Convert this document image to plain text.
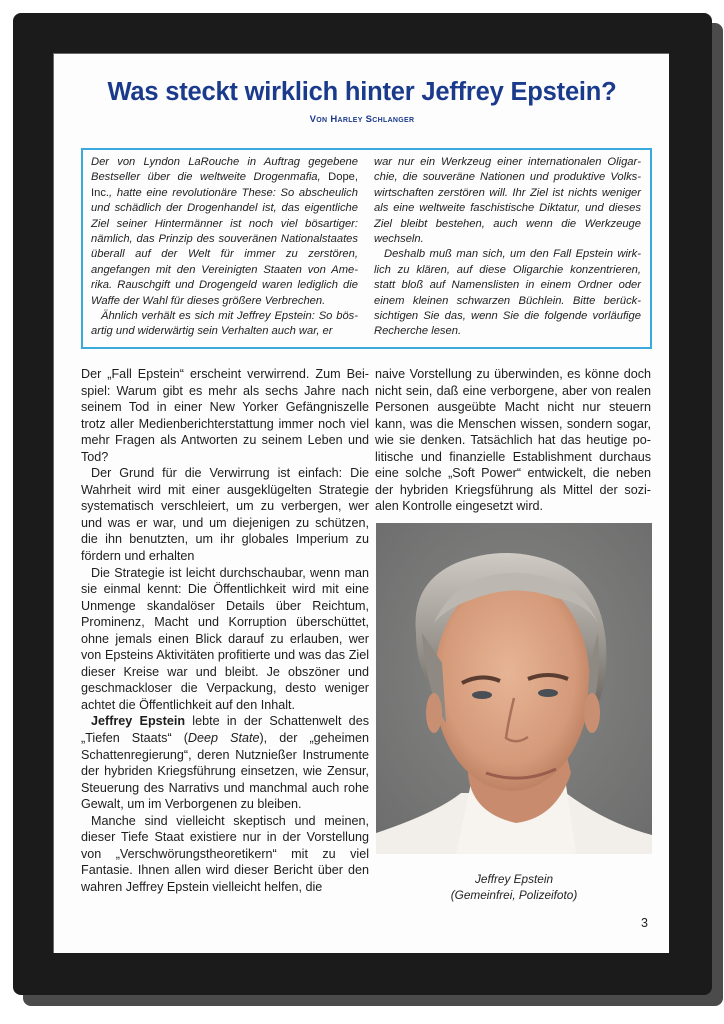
Was steckt wirklich hinter Jeffrey Epstein?
Von Harley Schlanger

Der von Lyndon LaRouche in Auftrag gegebene Bestseller über die weltweite Drogenmafia, Dope, Inc., hatte eine revolutionäre These: So abscheulich und schädlich der Drogenhandel ist, das eigentliche Ziel seiner Hintermänner ist noch viel bösartiger: nämlich, das Prinzip des souveränen Nationalstaates überall auf der Welt für immer zu zerstören, angefangen mit den Vereinigten Staaten von Amerika. Rauschgift und Drogengeld waren lediglich die Waffe der Wahl für dieses größere Verbrechen.

Ähnlich verhält es sich mit Jeffrey Epstein: So bösartig und widerwärtig sein Verhalten auch war, er

war nur ein Werkzeug einer internationalen Oligarchie, die souveräne Nationen und produktive Volkswirtschaften zerstören will. Ihr Ziel ist nichts weniger als eine weltweite faschistische Diktatur, und dieses Ziel bleibt bestehen, auch wenn die Werkzeuge wechseln.

Deshalb muß man sich, um den Fall Epstein wirklich zu klären, auf diese Oligarchie konzentrieren, statt bloß auf Namenslisten in einem Ordner oder einem kleinen schwarzen Büchlein. Bitte berücksichtigen Sie das, wenn Sie die folgende vorläufige Recherche lesen.

Der „Fall Epstein“ erscheint verwirrend. Zum Beispiel: Warum gibt es mehr als sechs Jahre nach seinem Tod in einer New Yorker Gefängniszelle trotz aller Medienberichterstattung immer noch viel mehr Fragen als Antworten zu seinem Leben und Tod?

Der Grund für die Verwirrung ist einfach: Die Wahrheit wird mit einer ausgeklügelten Strategie systematisch verschleiert, um zu verbergen, wer und was er war, und um diejenigen zu schützen, die ihn benutzten, um ihr globales Imperium zu fördern und erhalten

Die Strategie ist leicht durchschaubar, wenn man sie einmal kennt: Die Öffentlichkeit wird mit eine Unmenge skandalöser Details über Reichtum, Prominenz, Macht und Korruption überschüttet, ohne jemals einen Blick darauf zu erlauben, wer von Epsteins Aktivitäten profitierte und was das Ziel dieser Kreise war und bleibt. Je obszöner und geschmackloser die Verpackung, desto weniger achtet die Öffentlichkeit auf den Inhalt.

Jeffrey Epstein lebte in der Schattenwelt des „Tiefen Staats“ (Deep State), der „geheimen Schattenregierung“, deren Nutznießer Instrumente der hybriden Kriegsführung einsetzen, wie Zensur, Steuerung des Narrativs und manchmal auch rohe Gewalt, um im Verborgenen zu bleiben.

Manche sind vielleicht skeptisch und meinen, dieser Tiefe Staat existiere nur in der Vorstellung von „Verschwörungstheoretikern“ mit zu viel Fantasie. Ihnen allen wird dieser Bericht über den wahren Jeffrey Epstein vielleicht helfen, die

naive Vorstellung zu überwinden, es könne doch nicht sein, daß eine verborgene, aber von realen Personen ausgeübte Macht nicht nur steuern kann, was die Menschen wissen, sondern sogar, wie sie denken. Tatsächlich hat das heutige politische und finanzielle Establishment durchaus eine solche „Soft Power“ entwickelt, die neben der hybriden Kriegsführung als Mittel der sozialen Kontrolle eingesetzt wird.

Jeffrey Epstein
(Gemeinfrei, Polizeifoto)
3
